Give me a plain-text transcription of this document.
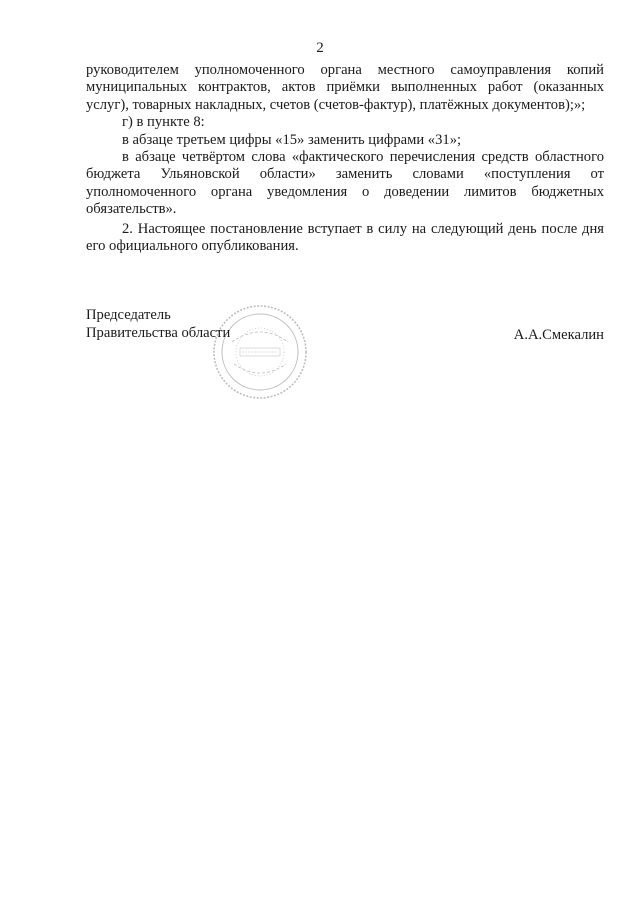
2

руководителем уполномоченного органа местного самоуправления копий муниципальных контрактов, актов приёмки выполненных работ (оказанных услуг), товарных накладных, счетов (счетов-фактур), платёжных документов);»;

г) в пункте 8:

в абзаце третьем цифры «15» заменить цифрами «31»;

в абзаце четвёртом слова «фактического перечисления средств областного бюджета Ульяновской области» заменить словами «поступления от уполномоченного органа уведомления о доведении лимитов бюджетных обязательств».

2. Настоящее постановление вступает в силу на следующий день после дня его официального опубликования.

Председатель
Правительства области	А.А.Смекалин
